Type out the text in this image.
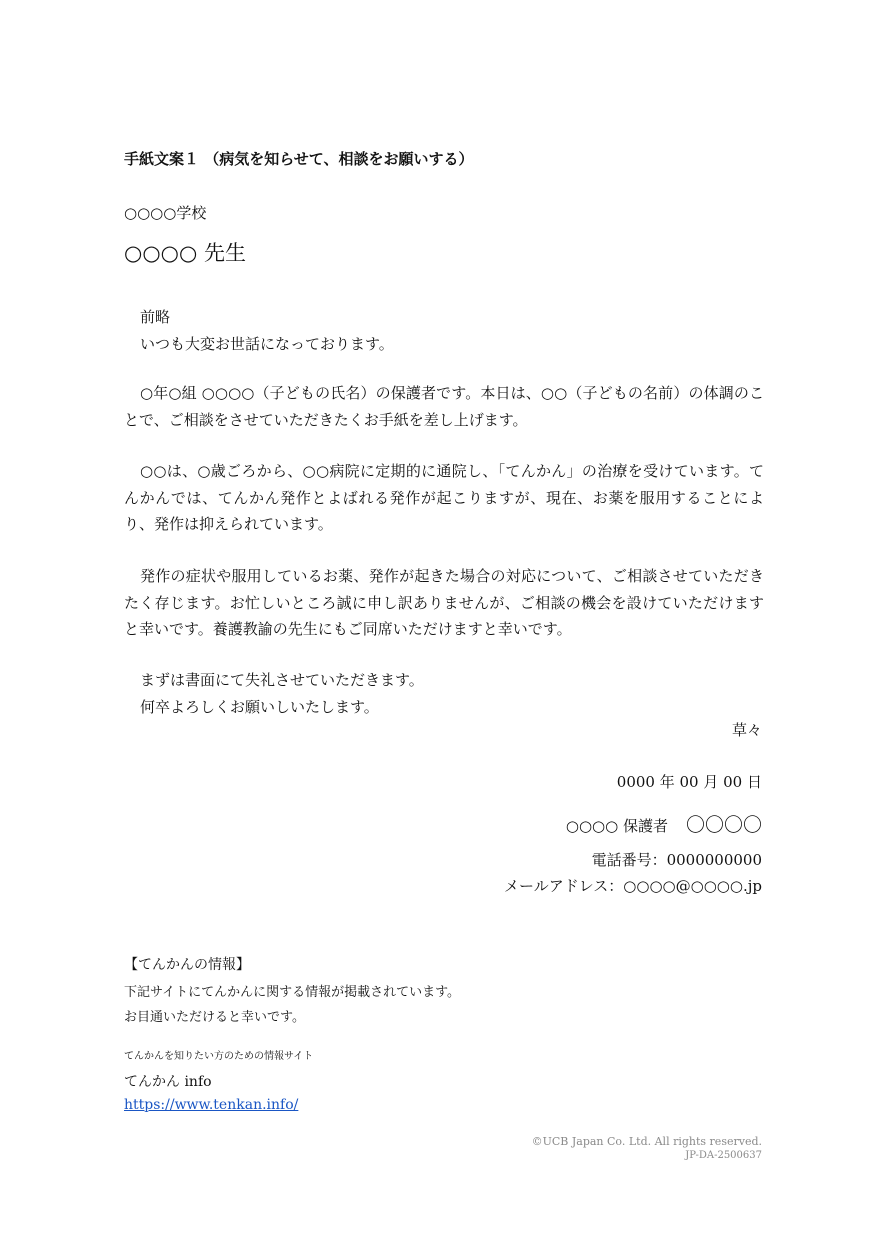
手紙文案１ （病気を知らせて、相談をお願いする）
○○○○学校
○○○○ 先生

前略

いつも大変お世話になっております。

○年○組 ○○○○（子どもの氏名）の保護者です。本日は、○○（子どもの名前）の体調のことで、ご相談をさせていただきたくお手紙を差し上げます。

○○は、○歳ごろから、○○病院に定期的に通院し、「てんかん」の治療を受けています。てんかんでは、てんかん発作とよばれる発作が起こりますが、現在、お薬を服用することにより、発作は抑えられています。

発作の症状や服用しているお薬、発作が起きた場合の対応について、ご相談させていただきたく存じます。お忙しいところ誠に申し訳ありませんが、ご相談の機会を設けていただけますと幸いです。養護教諭の先生にもご同席いただけますと幸いです。

まずは書面にて失礼させていただきます。

何卒よろしくお願いしいたします。

草々
0000 年 00 月 00 日
○○○○ 保護者 〇〇〇〇
電話番号：0000000000
メールアドレス：○○○○@○○○○.jp
【てんかんの情報】
下記サイトにてんかんに関する情報が掲載されています。
お目通いただけると幸いです。
てんかんを知りたい方のための情報サイト
てんかん info
https://www.tenkan.info/
©UCB Japan Co. Ltd. All rights reserved.
JP-DA-2500637
